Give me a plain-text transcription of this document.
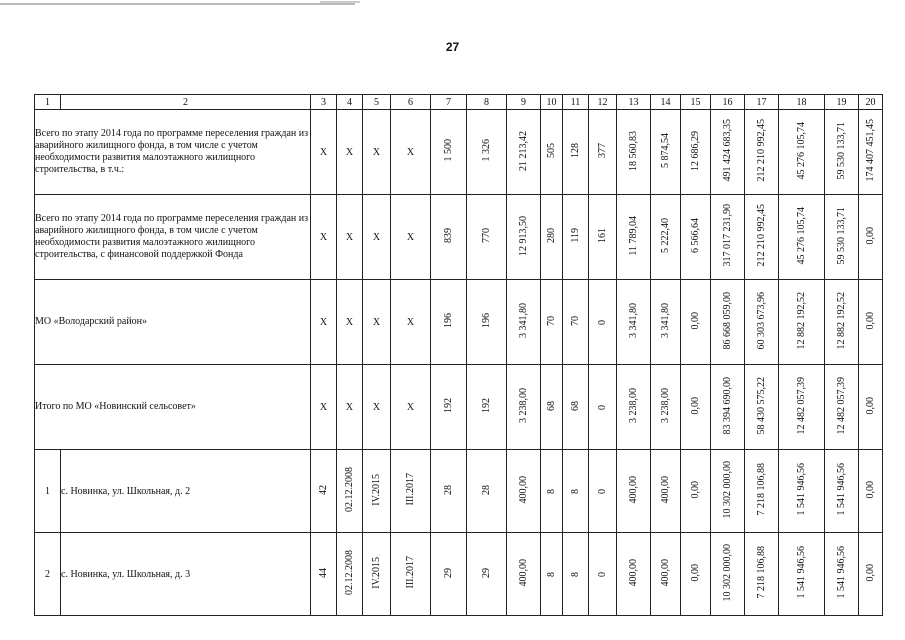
27
1	2	3	4	5	6	7	8	9	10	11	12	13	14	15	16	17	18	19	20
Всего по этапу 2014 года по программе переселения граждан из аварийного жилищного фонда, в том числе с учетом необходимости развития малоэтажного жилищного строительства, в т.ч.:		X	X	X	X	1 500	1 326	21 213,42	505	128	377	18 560,83	5 874,54	12 686,29	491 424 683,35	212 210 992,45	45 276 105,74	59 530 133,71	174 407 451,45
Всего по этапу 2014 года по программе переселения граждан из аварийного жилищного фонда, в том числе с учетом необходимости развития малоэтажного жилищного строительства, с финансовой поддержкой Фонда		X	X	X	X	839	770	12 913,50	280	119	161	11 789,04	5 222,40	6 566,64	317 017 231,90	212 210 992,45	45 276 105,74	59 530 133,71	0,00
МО «Володарский район»		X	X	X	X	196	196	3 341,80	70	70	0	3 341,80	3 341,80	0,00	86 668 059,00	60 303 673,96	12 882 192,52	12 882 192,52	0,00
Итого по МО «Новинский сельсовет»		X	X	X	X	192	192	3 238,00	68	68	0	3 238,00	3 238,00	0,00	83 394 690,00	58 430 575,22	12 482 057,39	12 482 057,39	0,00
1	с. Новинка, ул. Школьная, д. 2	42	02.12.2008	IV.2015	III.2017	28	28	400,00	8	8	0	400,00	400,00	0,00	10 302 000,00	7 218 106,88	1 541 946,56	1 541 946,56	0,00
2	с. Новинка, ул. Школьная, д. 3	44	02.12.2008	IV.2015	III.2017	29	29	400,00	8	8	0	400,00	400,00	0,00	10 302 000,00	7 218 106,88	1 541 946,56	1 541 946,56	0,00
